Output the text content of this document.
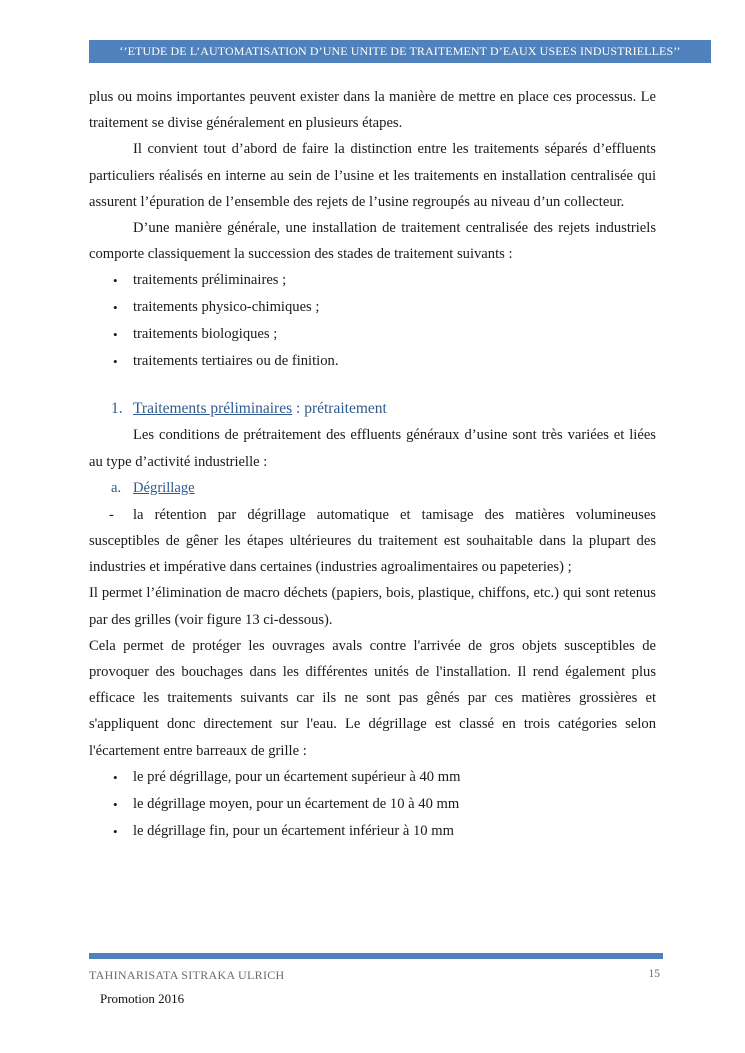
‘’ETUDE DE L’AUTOMATISATION D’UNE UNITE DE TRAITEMENT D’EAUX USEES INDUSTRIELLES’’

plus ou moins importantes peuvent exister dans la manière de mettre en place ces processus. Le traitement se divise généralement en plusieurs étapes.

Il convient tout d’abord de faire la distinction entre les traitements séparés d’effluents particuliers réalisés en interne au sein de l’usine et les traitements en installation centralisée qui assurent l’épuration de l’ensemble des rejets de l’usine regroupés au niveau d’un collecteur.

D’une manière générale, une installation de traitement centralisée des rejets industriels comporte classiquement la succession des stades de traitement suivants :

• traitements préliminaires ;
• traitements physico-chimiques ;
• traitements biologiques ;
• traitements tertiaires ou de finition.
1. Traitements préliminaires : prétraitement

Les conditions de prétraitement des effluents généraux d’usine sont très variées et liées au type d’activité industrielle :

a. Dégrillage

- la rétention par dégrillage automatique et tamisage des matières volumineuses susceptibles de gêner les étapes ultérieures du traitement est souhaitable dans la plupart des industries et impérative dans certaines (industries agroalimentaires ou papeteries) ;

Il permet l’élimination de macro déchets (papiers, bois, plastique, chiffons, etc.) qui sont retenus par des grilles (voir figure 13 ci-dessous).

Cela permet de protéger les ouvrages avals contre l'arrivée de gros objets susceptibles de provoquer des bouchages dans les différentes unités de l'installation. Il rend également plus efficace les traitements suivants car ils ne sont pas gênés par ces matières grossières et s'appliquent donc directement sur l'eau. Le dégrillage est classé en trois catégories selon l'écartement entre barreaux de grille :

• le pré dégrillage, pour un écartement supérieur à 40 mm
• le dégrillage moyen, pour un écartement de 10 à 40 mm
• le dégrillage fin, pour un écartement inférieur à 10 mm
TAHINARISATA SITRAKA ULRICH	15
Promotion 2016
